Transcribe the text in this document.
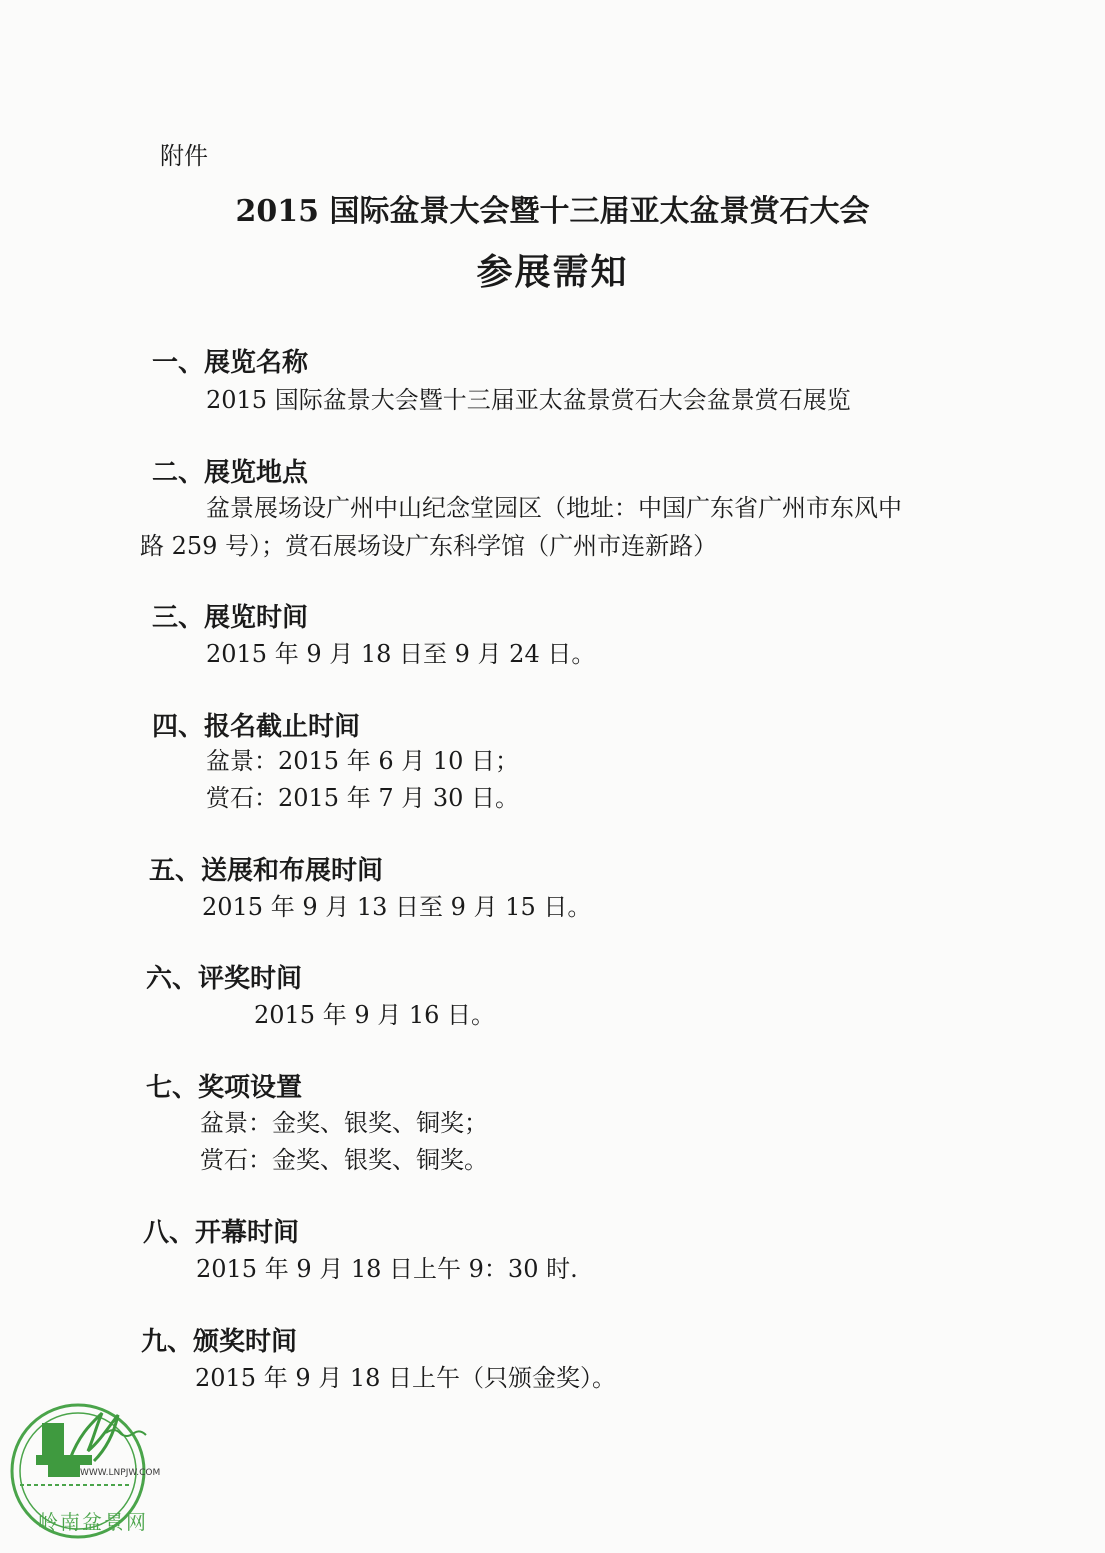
附件
2015 国际盆景大会暨十三届亚太盆景赏石大会
参展需知
一、展览名称
2015 国际盆景大会暨十三届亚太盆景赏石大会盆景赏石展览
二、展览地点
盆景展场设广州中山纪念堂园区（地址：中国广东省广州市东风中
路 259 号）；赏石展场设广东科学馆（广州市连新路）
三、展览时间
2015 年 9 月 18 日至 9 月 24 日。
四、报名截止时间
盆景：2015 年 6 月 10 日；
赏石：2015 年 7 月 30 日。
五、送展和布展时间
2015 年 9 月 13 日至 9 月 15 日。
六、评奖时间
2015 年 9 月 16 日。
七、奖项设置
盆景：金奖、银奖、铜奖；
赏石：金奖、银奖、铜奖。
八、开幕时间
2015 年 9 月 18 日上午 9：30 时.
九、颁奖时间
2015 年 9 月 18 日上午（只颁金奖）。
WWW.LNPJW.COM
岭南盆景网
